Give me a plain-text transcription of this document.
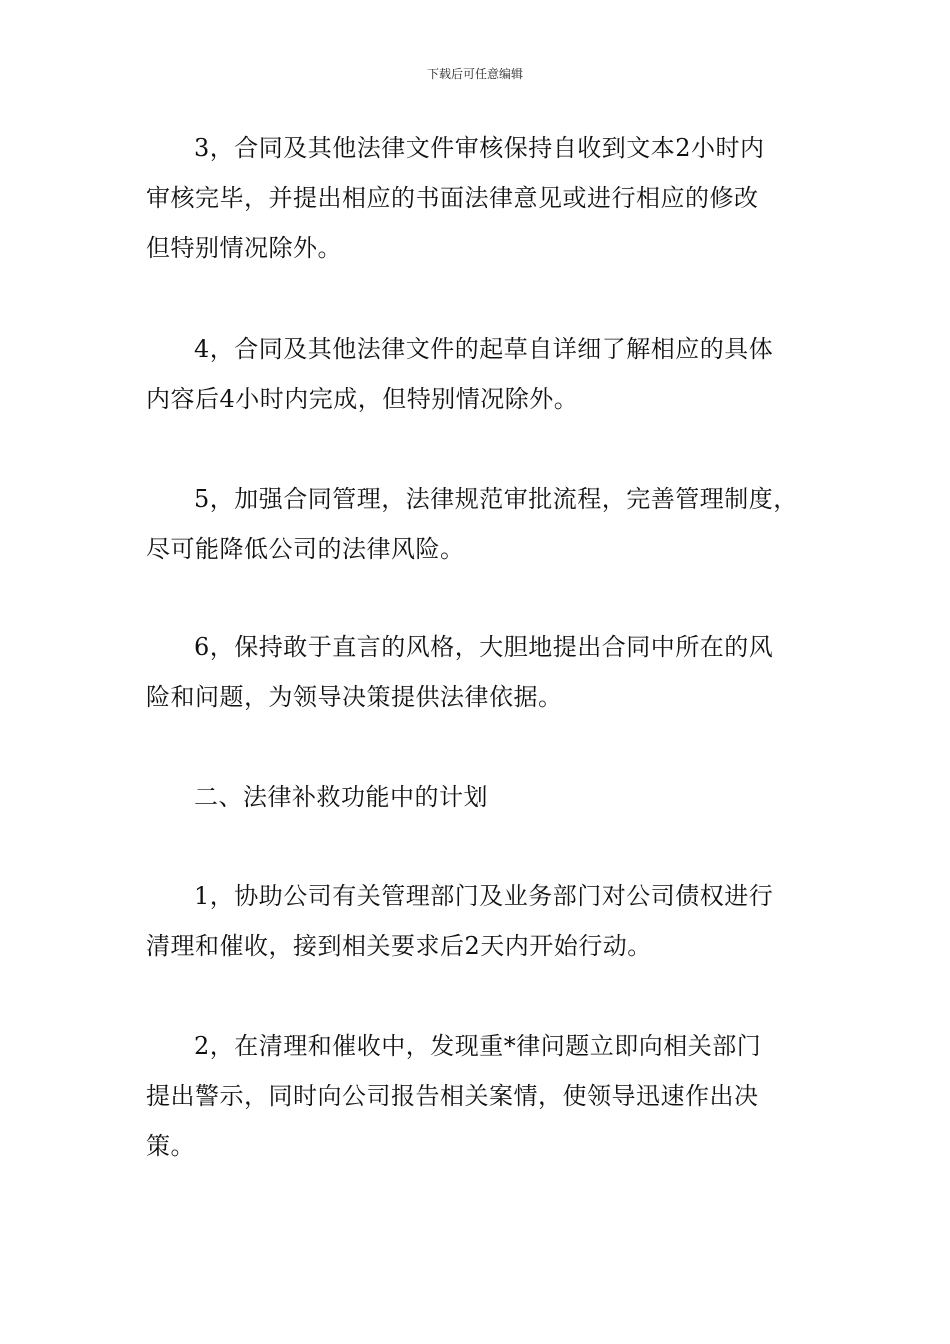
下载后可任意编辑
3，合同及其他法律文件审核保持自收到文本2小时内
审核完毕，并提出相应的书面法律意见或进行相应的修改
但特别情况除外。
4，合同及其他法律文件的起草自详细了解相应的具体
内容后4小时内完成，但特别情况除外。
5，加强合同管理，法律规范审批流程，完善管理制度，
尽可能降低公司的法律风险。
6，保持敢于直言的风格，大胆地提出合同中所在的风
险和问题，为领导决策提供法律依据。
二、法律补救功能中的计划
1，协助公司有关管理部门及业务部门对公司债权进行
清理和催收，接到相关要求后2天内开始行动。
2，在清理和催收中，发现重*律问题立即向相关部门
提出警示，同时向公司报告相关案情，使领导迅速作出决
策。
